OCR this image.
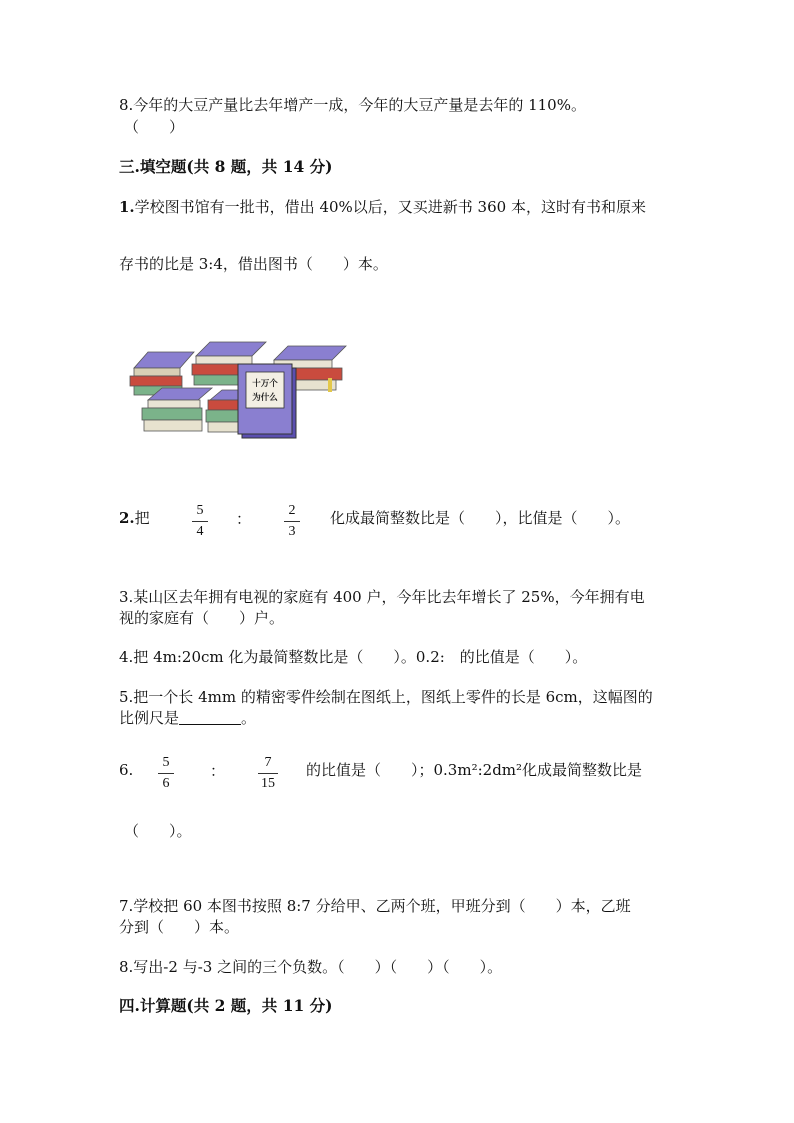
8.今年的大豆产量比去年增产一成，今年的大豆产量是去年的 110%。
（　　）
三.填空题(共 8 题，共 14 分)
1.学校图书馆有一批书，借出 40%以后，又买进新书 360 本，这时有书和原来
存书的比是 3:4，借出图书（　　）本。
十万个
为什么
2.把	5
4
：	2
3
化成最简整数比是（　　），比值是（　　）。
3.某山区去年拥有电视的家庭有 400 户，今年比去年增长了 25%，今年拥有电
视的家庭有（　　）户。
4.把 4m:20cm 化为最简整数比是（　　）。0.2:　的比值是（　　）。
5.把一个长 4mm 的精密零件绘制在图纸上，图纸上零件的长是 6cm，这幅图的
比例尺是	。
6.	5
6
：	7
15
的比值是（　　）；0.3m²:2dm²化成最简整数比是
（　　）。
7.学校把 60 本图书按照 8:7 分给甲、乙两个班，甲班分到（　　）本，乙班
分到（　　）本。
8.写出-2 与-3 之间的三个负数。（　　）（　　）（　　）。
四.计算题(共 2 题，共 11 分)
